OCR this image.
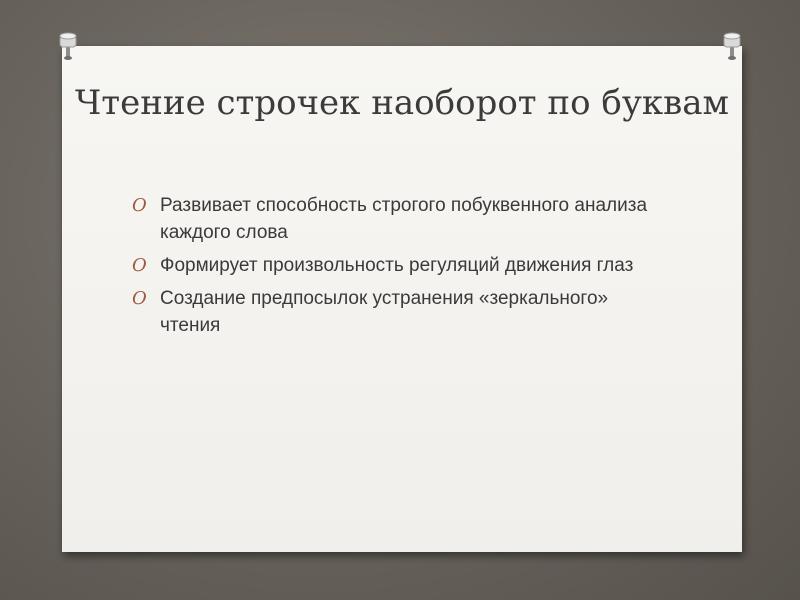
Чтение строчек наоборот по буквам
O Развивает способность строгого побуквенного анализа каждого слова
O Формирует произвольность регуляций движения глаз
O Создание предпосылок устранения «зеркального» чтения
